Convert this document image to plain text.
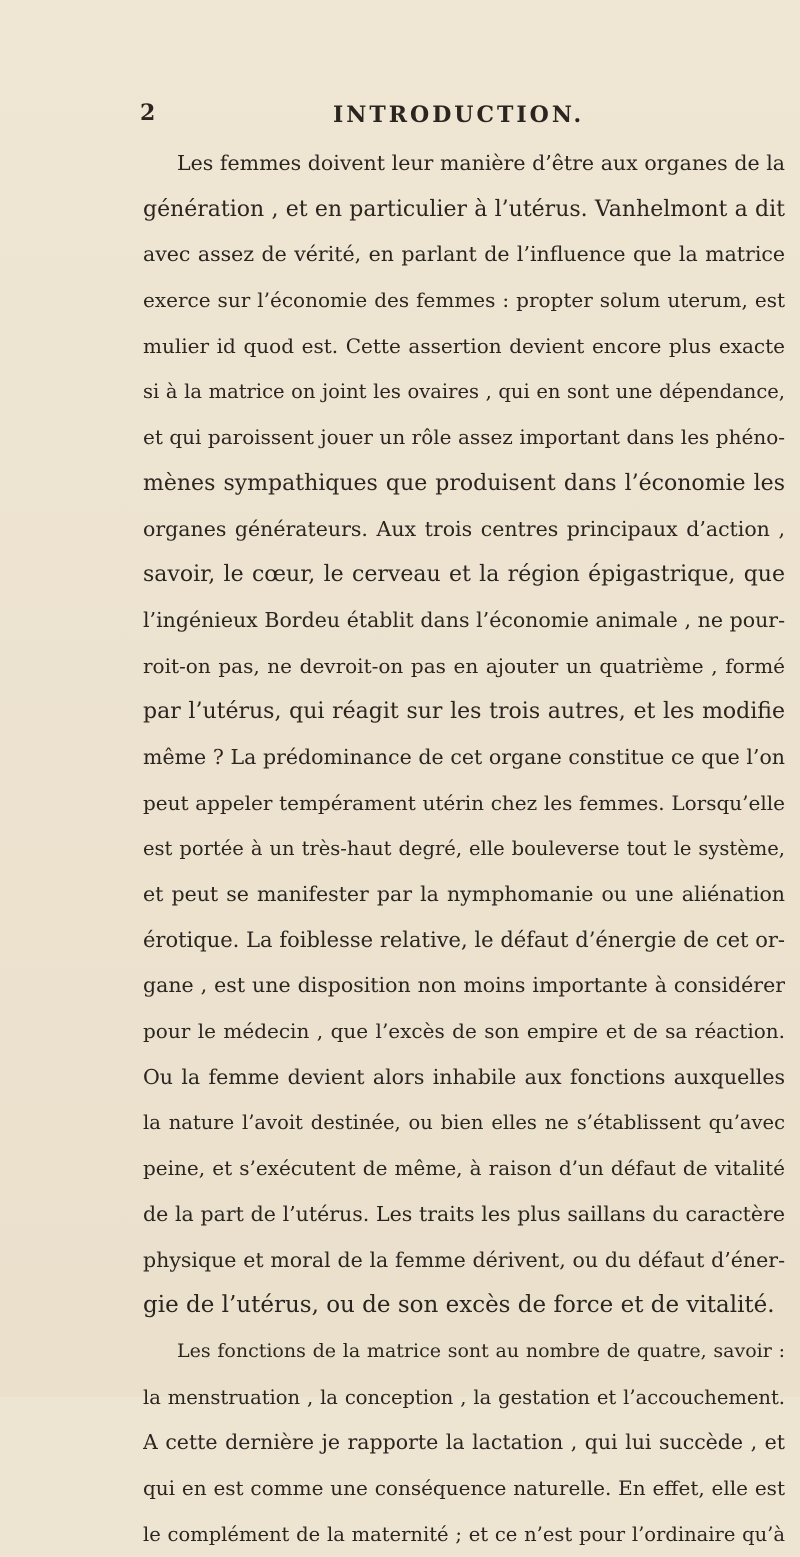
2	INTRODUCTION.
Les femmes doivent leur manière d’être aux organes de la
génération , et en particulier à l’utérus. Vanhelmont a dit
avec assez de vérité, en parlant de l’influence que la matrice
exerce sur l’économie des femmes : propter solum uterum, est
mulier id quod est. Cette assertion devient encore plus exacte
si à la matrice on joint les ovaires , qui en sont une dépendance,
et qui paroissent jouer un rôle assez important dans les phéno-
mènes sympathiques que produisent dans l’économie les
organes générateurs. Aux trois centres principaux d’action ,
savoir, le cœur, le cerveau et la région épigastrique, que
l’ingénieux Bordeu établit dans l’économie animale , ne pour-
roit-on pas, ne devroit-on pas en ajouter un quatrième , formé
par l’utérus, qui réagit sur les trois autres, et les modifie
même ? La prédominance de cet organe constitue ce que l’on
peut appeler tempérament utérin chez les femmes. Lorsqu’elle
est portée à un très-haut degré, elle bouleverse tout le système,
et peut se manifester par la nymphomanie ou une aliénation
érotique. La foiblesse relative, le défaut d’énergie de cet or-
gane , est une disposition non moins importante à considérer
pour le médecin , que l’excès de son empire et de sa réaction.
Ou la femme devient alors inhabile aux fonctions auxquelles
la nature l’avoit destinée, ou bien elles ne s’établissent qu’avec
peine, et s’exécutent de même, à raison d’un défaut de vitalité
de la part de l’utérus. Les traits les plus saillans du caractère
physique et moral de la femme dérivent, ou du défaut d’éner-
gie de l’utérus, ou de son excès de force et de vitalité.
Les fonctions de la matrice sont au nombre de quatre, savoir :
la menstruation , la conception , la gestation et l’accouchement.
A cette dernière je rapporte la lactation , qui lui succède , et
qui en est comme une conséquence naturelle. En effet, elle est
le complément de la maternité ; et ce n’est pour l’ordinaire qu’à
